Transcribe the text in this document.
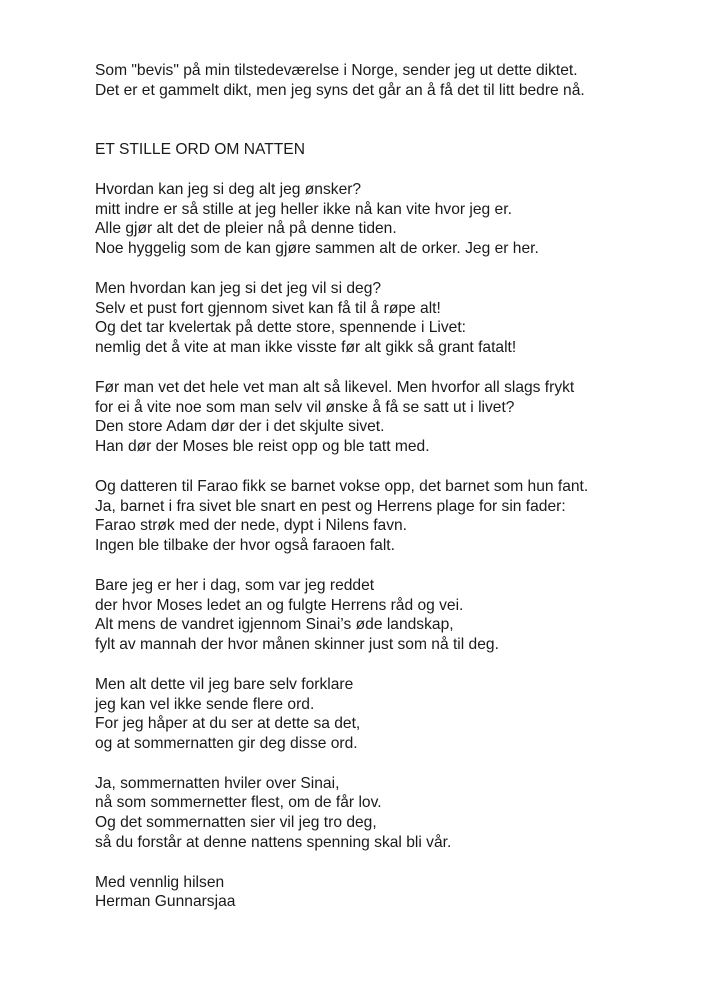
Som "bevis" på min tilstedeværelse i Norge, sender jeg ut dette diktet.
Det er et gammelt dikt, men jeg syns det går an å få det til litt bedre nå.
ET STILLE ORD OM NATTEN
Hvordan kan jeg si deg alt jeg ønsker?
mitt indre er så stille at jeg heller ikke nå kan vite hvor jeg er.
Alle gjør alt det de pleier nå på denne tiden.
Noe hyggelig som de kan gjøre sammen alt de orker. Jeg er her.
Men hvordan kan jeg si det jeg vil si deg?
Selv et pust fort gjennom sivet kan få til å røpe alt!
Og det tar kvelertak på dette store, spennende i Livet:
nemlig det å vite at man ikke visste før alt gikk så grant fatalt!
Før man vet det hele vet man alt så likevel. Men hvorfor all slags frykt
for ei å vite noe som man selv vil ønske å få se satt ut i livet?
Den store Adam dør der i det skjulte sivet.
Han dør der Moses ble reist opp og ble tatt med.
Og datteren til Farao fikk se barnet vokse opp, det barnet som hun fant.
Ja, barnet i fra sivet ble snart en pest og Herrens plage for sin fader:
Farao strøk med der nede, dypt i Nilens favn.
Ingen ble tilbake der hvor også faraoen falt.
Bare jeg er her i dag, som var jeg reddet
der hvor Moses ledet an og fulgte Herrens råd og vei.
Alt mens de vandret igjennom Sinai’s øde landskap,
fylt av mannah der hvor månen skinner just som nå til deg.
Men alt dette vil jeg bare selv forklare
jeg kan vel ikke sende flere ord.
For jeg håper at du ser at dette sa det,
og at sommernatten gir deg disse ord.
Ja, sommernatten hviler over Sinai,
nå som sommernetter flest, om de får lov.
Og det sommernatten sier vil jeg tro deg,
så du forstår at denne nattens spenning skal bli vår.
Med vennlig hilsen
Herman Gunnarsjaa
